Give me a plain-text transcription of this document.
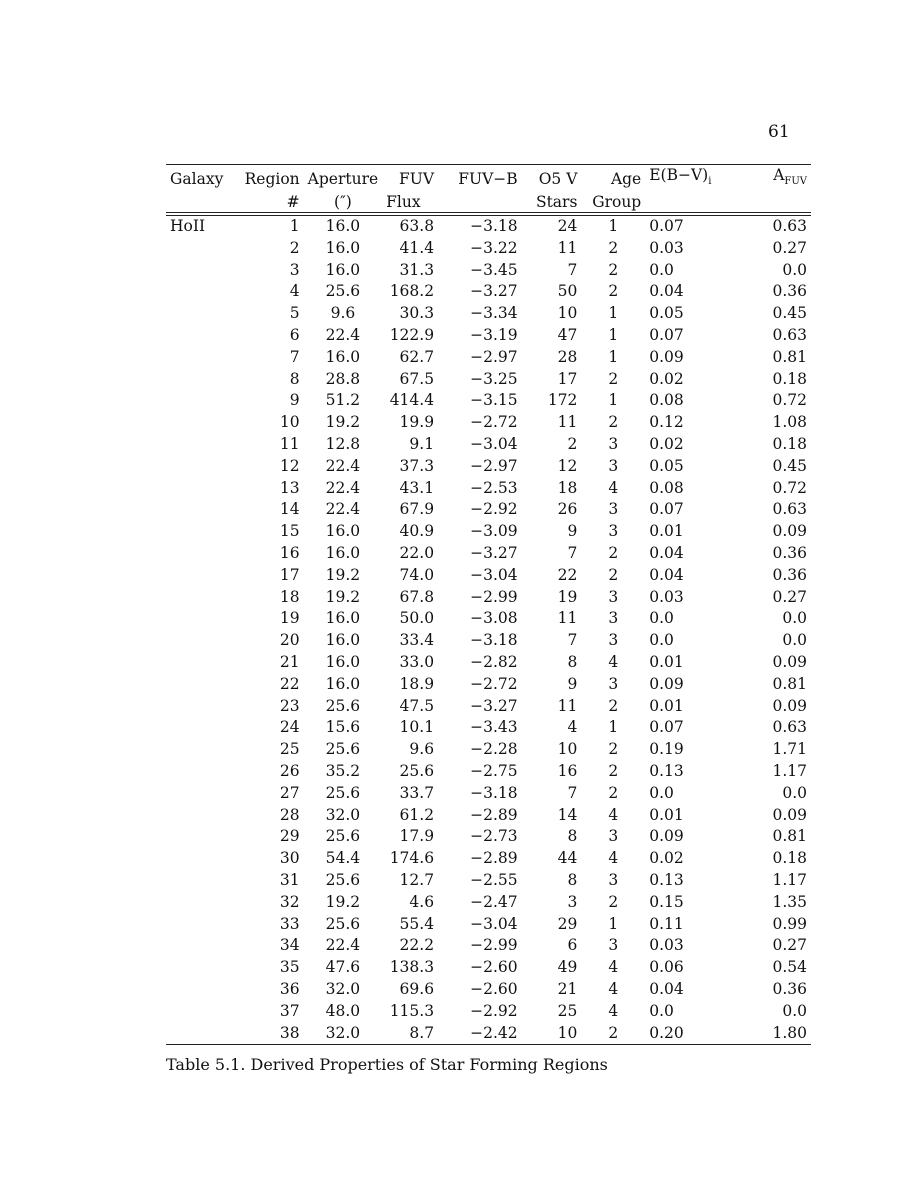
61
Galaxy	Region	Aperture	FUV	FUV−B	O5 V	Age	$E(B-V)_i$	$A_{FUV}$
	#	(″)	Flux		Stars	Group		
HoII	1	16.0	63.8	−3.18	24	1	0.07	0.63
	2	16.0	41.4	−3.22	11	2	0.03	0.27
	3	16.0	31.3	−3.45	7	2	0.0	0.0
	4	25.6	168.2	−3.27	50	2	0.04	0.36
	5	9.6	30.3	−3.34	10	1	0.05	0.45
	6	22.4	122.9	−3.19	47	1	0.07	0.63
	7	16.0	62.7	−2.97	28	1	0.09	0.81
	8	28.8	67.5	−3.25	17	2	0.02	0.18
	9	51.2	414.4	−3.15	172	1	0.08	0.72
	10	19.2	19.9	−2.72	11	2	0.12	1.08
	11	12.8	9.1	−3.04	2	3	0.02	0.18
	12	22.4	37.3	−2.97	12	3	0.05	0.45
	13	22.4	43.1	−2.53	18	4	0.08	0.72
	14	22.4	67.9	−2.92	26	3	0.07	0.63
	15	16.0	40.9	−3.09	9	3	0.01	0.09
	16	16.0	22.0	−3.27	7	2	0.04	0.36
	17	19.2	74.0	−3.04	22	2	0.04	0.36
	18	19.2	67.8	−2.99	19	3	0.03	0.27
	19	16.0	50.0	−3.08	11	3	0.0	0.0
	20	16.0	33.4	−3.18	7	3	0.0	0.0
	21	16.0	33.0	−2.82	8	4	0.01	0.09
	22	16.0	18.9	−2.72	9	3	0.09	0.81
	23	25.6	47.5	−3.27	11	2	0.01	0.09
	24	15.6	10.1	−3.43	4	1	0.07	0.63
	25	25.6	9.6	−2.28	10	2	0.19	1.71
	26	35.2	25.6	−2.75	16	2	0.13	1.17
	27	25.6	33.7	−3.18	7	2	0.0	0.0
	28	32.0	61.2	−2.89	14	4	0.01	0.09
	29	25.6	17.9	−2.73	8	3	0.09	0.81
	30	54.4	174.6	−2.89	44	4	0.02	0.18
	31	25.6	12.7	−2.55	8	3	0.13	1.17
	32	19.2	4.6	−2.47	3	2	0.15	1.35
	33	25.6	55.4	−3.04	29	1	0.11	0.99
	34	22.4	22.2	−2.99	6	3	0.03	0.27
	35	47.6	138.3	−2.60	49	4	0.06	0.54
	36	32.0	69.6	−2.60	21	4	0.04	0.36
	37	48.0	115.3	−2.92	25	4	0.0	0.0
	38	32.0	8.7	−2.42	10	2	0.20	1.80
Table 5.1. Derived Properties of Star Forming Regions
